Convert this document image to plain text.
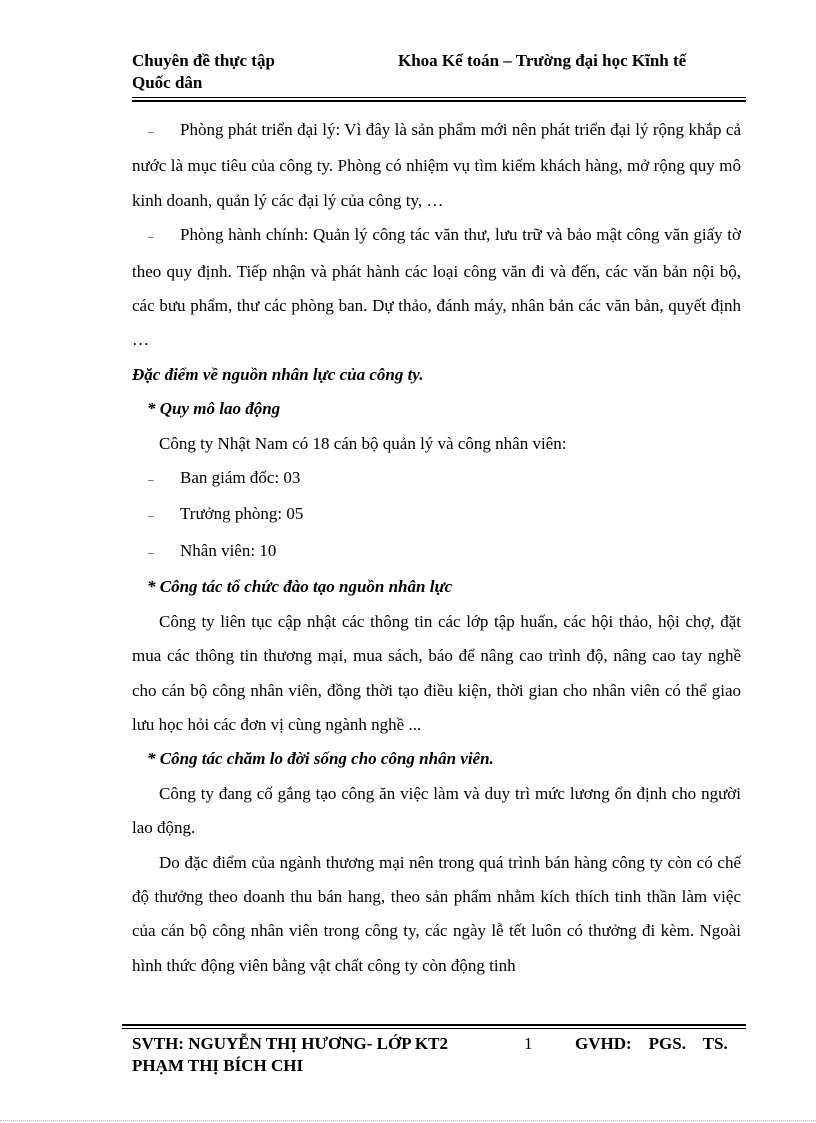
Chuyên đề thực tập
Quốc dân
Khoa Kế toán – Trường đại học Kĩnh tế

– Phòng phát triển đại lý: Vì đây là sản phẩm mới nên phát triển đại lý rộng khắp cả nước là mục tiêu của công ty. Phòng có nhiệm vụ tìm kiếm khách hàng, mở rộng quy mô kinh doanh, quản lý các đại lý của công ty, …

– Phòng hành chính: Quản lý công tác văn thư, lưu trữ và bảo mật công văn giấy tờ theo quy định. Tiếp nhận và phát hành các loại công văn đi và đến, các văn bản nội bộ, các bưu phẩm, thư các phòng ban. Dự thảo, đánh máy, nhân bản các văn bản, quyết định …

Đặc điểm về nguồn nhân lực của công ty.

* Quy mô lao động

Công ty Nhật Nam có 18 cán bộ quản lý và công nhân viên:

– Ban giám đốc: 03

– Trưởng phòng: 05

– Nhân viên: 10

* Công tác tổ chức đào tạo nguồn nhân lực

Công ty liên tục cập nhật các thông tin các lớp tập huấn, các hội thảo, hội chợ, đặt mua các thông tin thương mại, mua sách, báo để nâng cao trình độ, nâng cao tay nghề cho cán bộ công nhân viên, đồng thời tạo điều kiện, thời gian cho nhân viên có thể giao lưu học hỏi các đơn vị cùng ngành nghề ...

* Công tác chăm lo đời sống cho công nhân viên.

Công ty đang cố gắng tạo công ăn việc làm và duy trì mức lương ổn định cho người lao động.

Do đặc điểm của ngành thương mại nên trong quá trình bán hàng công ty còn có chế độ thưởng theo doanh thu bán hang, theo sản phẩm nhằm kích thích tinh thần làm việc của cán bộ công nhân viên trong công ty, các ngày lễ tết luôn có thưởng đi kèm. Ngoài hình thức động viên bằng vật chất công ty còn động tinh

SVTH: NGUYỄN THỊ HƯƠNG- LỚP KT2
PHẠM THỊ BÍCH CHI
1	GVHD:    PGS.    TS.
